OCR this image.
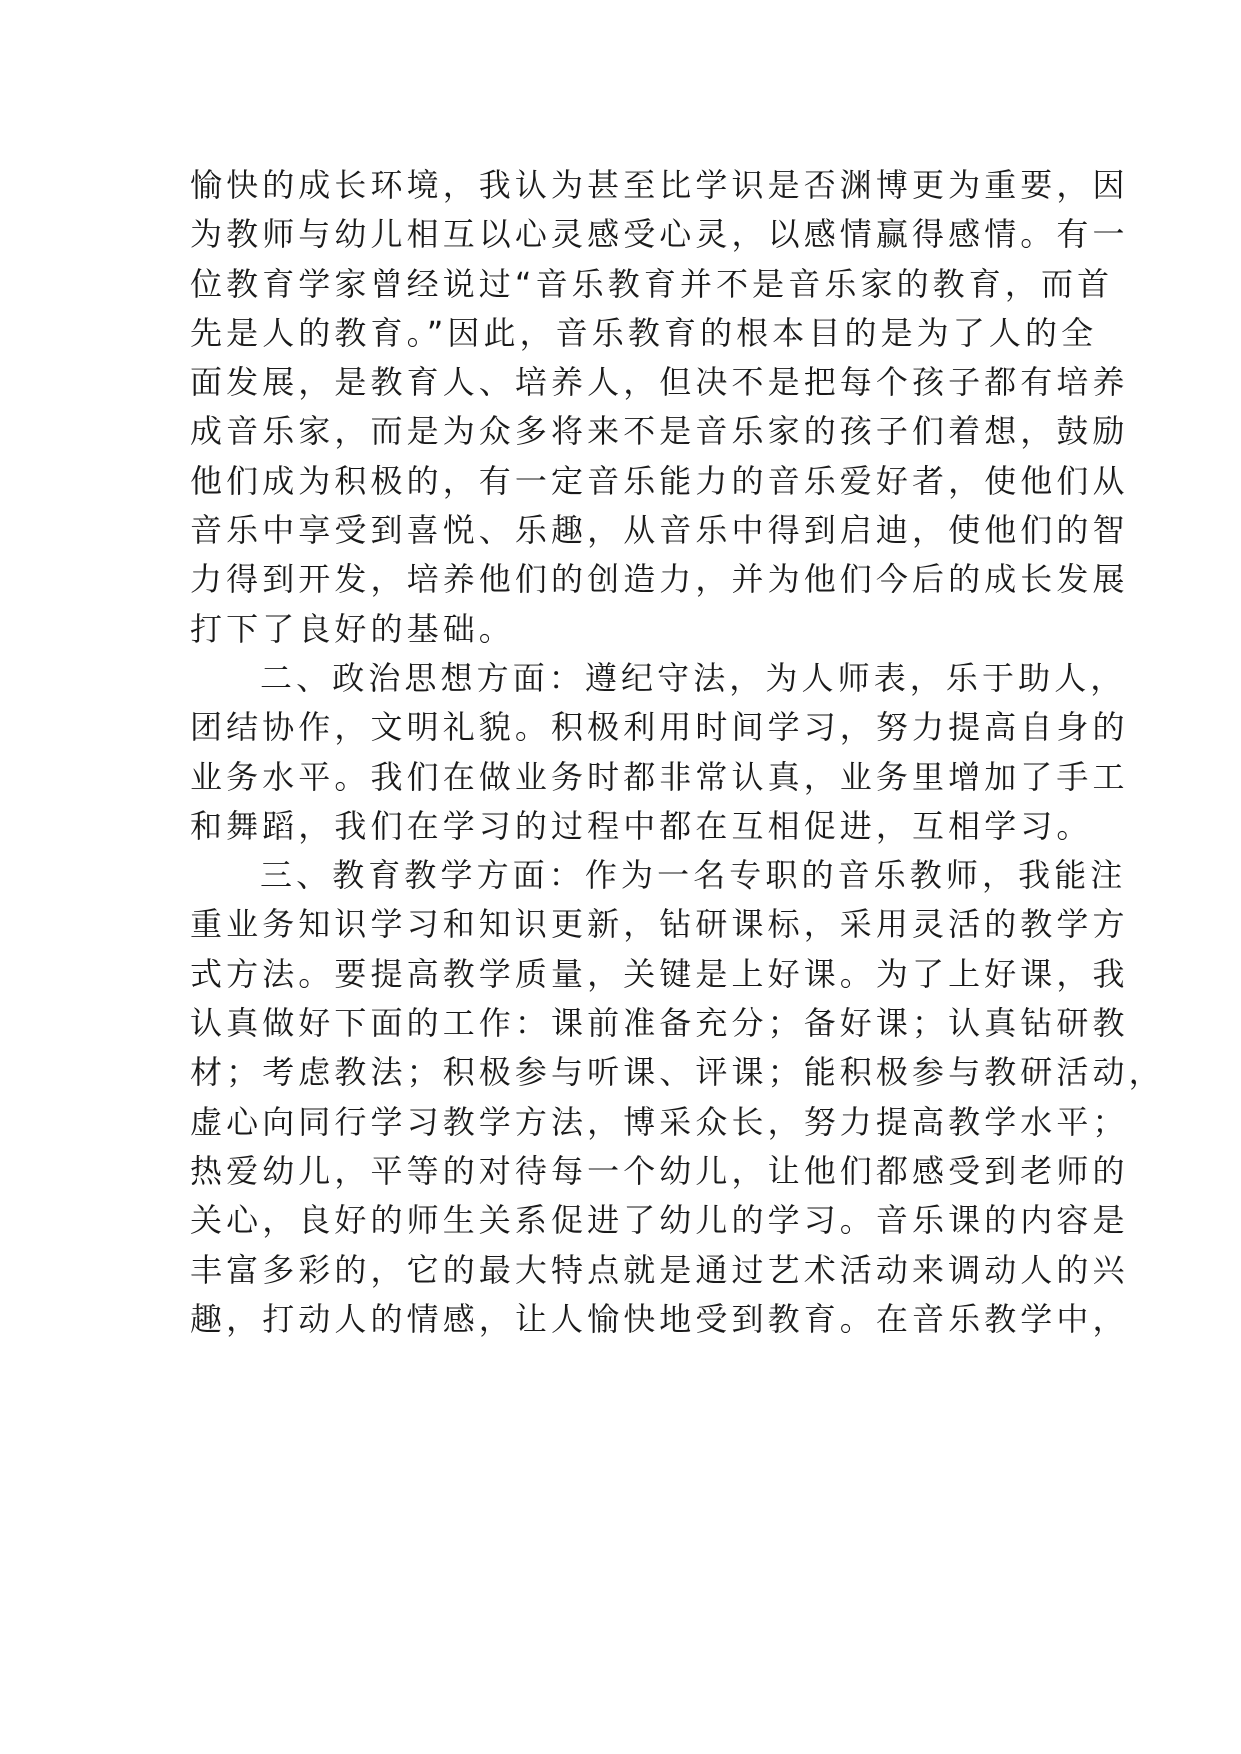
愉快的成长环境，我认为甚至比学识是否渊博更为重要，因
为教师与幼儿相互以心灵感受心灵，以感情赢得感情。有一
位教育学家曾经说过“音乐教育并不是音乐家的教育，而首
先是人的教育。”因此，音乐教育的根本目的是为了人的全
面发展，是教育人、培养人，但决不是把每个孩子都有培养
成音乐家，而是为众多将来不是音乐家的孩子们着想，鼓励
他们成为积极的，有一定音乐能力的音乐爱好者，使他们从
音乐中享受到喜悦、乐趣，从音乐中得到启迪，使他们的智
力得到开发，培养他们的创造力，并为他们今后的成长发展
打下了良好的基础。
二、政治思想方面：遵纪守法，为人师表，乐于助人，
团结协作，文明礼貌。积极利用时间学习，努力提高自身的
业务水平。我们在做业务时都非常认真，业务里增加了手工
和舞蹈，我们在学习的过程中都在互相促进，互相学习。
三、教育教学方面：作为一名专职的音乐教师，我能注
重业务知识学习和知识更新，钻研课标，采用灵活的教学方
式方法。要提高教学质量，关键是上好课。为了上好课，我
认真做好下面的工作：课前准备充分；备好课；认真钻研教
材；考虑教法；积极参与听课、评课；能积极参与教研活动，
虚心向同行学习教学方法，博采众长，努力提高教学水平；
热爱幼儿，平等的对待每一个幼儿，让他们都感受到老师的
关心，良好的师生关系促进了幼儿的学习。音乐课的内容是
丰富多彩的，它的最大特点就是通过艺术活动来调动人的兴
趣，打动人的情感，让人愉快地受到教育。在音乐教学中，
